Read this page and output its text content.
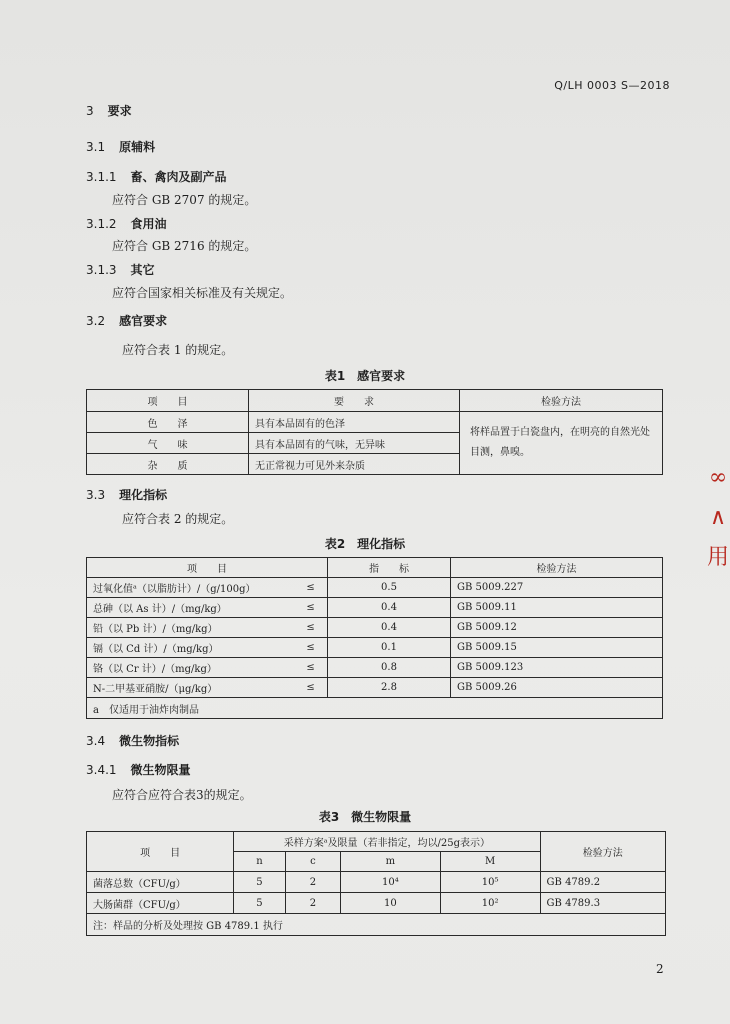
Q/LH 0003 S—2018
3 要求
3.1 原辅料
3.1.1 畜、禽肉及副产品
应符合 GB 2707 的规定。
3.1.2 食用油
应符合 GB 2716 的规定。
3.1.3 其它
应符合国家相关标准及有关规定。
3.2 感官要求
应符合表 1 的规定。
表1　感官要求
项　　目	要　　求	检验方法
色　　泽	具有本品固有的色泽	将样品置于白瓷盘内，在明亮的自然光处目测，鼻嗅。
气　　味	具有本品固有的气味，无异味	
杂　　质	无正常视力可见外来杂质	
3.3 理化指标
应符合表 2 的规定。
表2　理化指标
项　　目		指　　标	检验方法
过氧化值ᵃ（以脂肪计）/（g/100g）	≤	0.5	GB 5009.227
总砷（以 As 计）/（mg/kg）	≤	0.4	GB 5009.11
铅（以 Pb 计）/（mg/kg）	≤	0.4	GB 5009.12
镉（以 Cd 计）/（mg/kg）	≤	0.1	GB 5009.15
铬（以 Cr 计）/（mg/kg）	≤	0.8	GB 5009.123
N-二甲基亚硝胺/（μg/kg）	≤	2.8	GB 5009.26
a　仅适用于油炸肉制品			
3.4 微生物指标
3.4.1 微生物限量
应符合应符合表3的规定。
表3　微生物限量
项　　目	采样方案ᵃ及限量（若非指定，均以/25g表示）				检验方法
	n	c	m	M	
菌落总数（CFU/g）	5	2	10⁴	10⁵	GB 4789.2
大肠菌群（CFU/g）	5	2	10	10²	GB 4789.3
注：样品的分析及处理按 GB 4789.1 执行					
2
∞
∧
用
